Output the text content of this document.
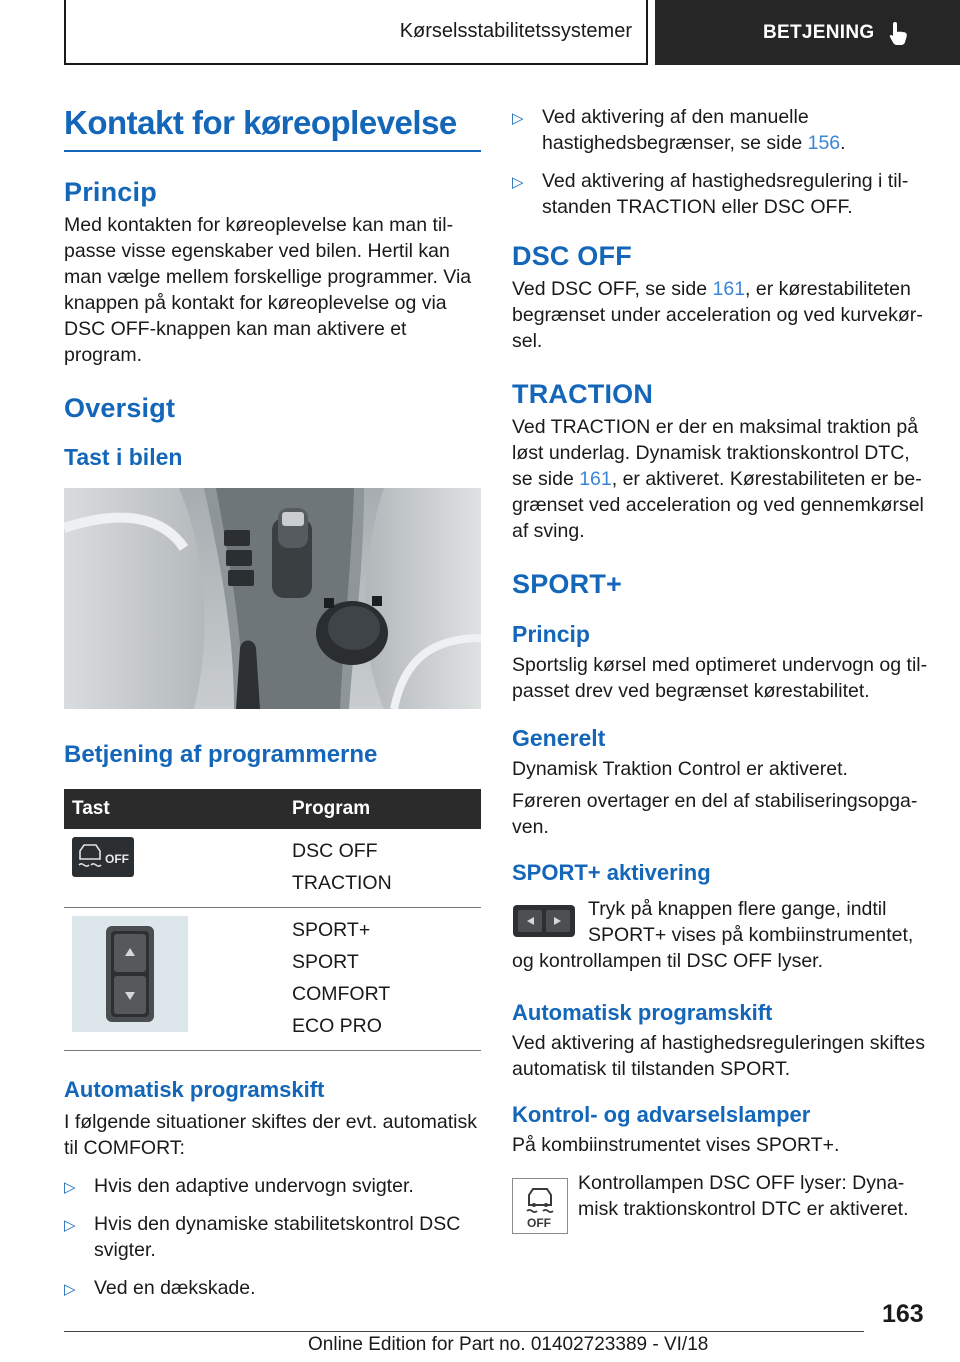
Kørselsstabilitetssystemer	BETJENING
Kontakt for køreoplevelse
Princip

Med kontakten for køreoplevelse kan man tilpasse visse egenskaber ved bilen. Hertil kan man vælge mellem forskellige programmer. Via knappen på kontakt for køreoplevelse og via DSC OFF-knappen kan man aktivere et program.

Oversigt
Tast i bilen
Betjening af programmerne
Tast	Program

OFF	DSC OFF
TRACTION

SPORT+
SPORT
COMFORT
ECO PRO
Automatisk programskift

I følgende situationer skiftes der evt. automatisk til COMFORT:

▷ Hvis den adaptive undervogn svigter.
▷ Hvis den dynamiske stabilitetskontrol DSC svigter.
▷ Ved en dækskade.
▷ Ved aktivering af den manuelle hastighedsbegrænser, se side 156.
▷ Ved aktivering af hastighedsregulering i tilstanden TRACTION eller DSC OFF.
DSC OFF

Ved DSC OFF, se side 161, er kørestabiliteten begrænset under acceleration og ved kurvekørsel.

TRACTION

Ved TRACTION er der en maksimal traktion på løst underlag. Dynamisk traktionskontrol DTC, se side 161, er aktiveret. Kørestabiliteten er begrænset ved acceleration og ved gennemkørsel af sving.

SPORT+
Princip

Sportslig kørsel med optimeret undervogn og tilpasset drev ved begrænset kørestabilitet.

Generelt

Dynamisk Traktion Control er aktiveret.

Føreren overtager en del af stabiliseringsopgaven.

SPORT+ aktivering

Tryk på knappen flere gange, indtil SPORT+ vises på kombiinstrumentet,

og kontrollampen til DSC OFF lyser.

Automatisk programskift

Ved aktivering af hastighedsreguleringen skiftes automatisk til tilstanden SPORT.

Kontrol- og advarselslamper

På kombiinstrumentet vises SPORT+.

OFF

Kontrollampen DSC OFF lyser: Dynamisk traktionskontrol DTC er aktiveret.

163
Online Edition for Part no. 01402723389 - VI/18
